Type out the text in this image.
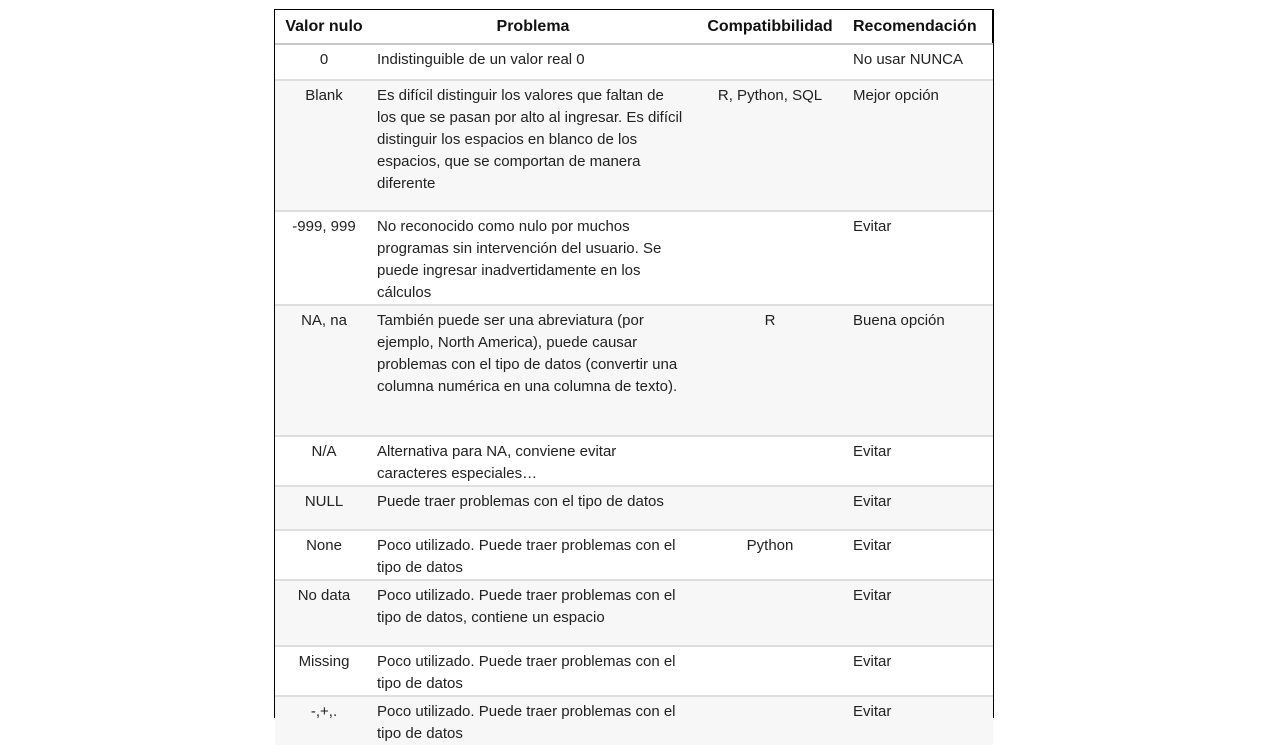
Valor nulo	Problema	Compatibbilidad	Recomendación
0	Indistinguible de un valor real 0		No usar NUNCA
Blank	Es difícil distinguir los valores que faltan de los que se pasan por alto al ingresar. Es difícil distinguir los espacios en blanco de los espacios, que se comportan de manera diferente	R, Python, SQL	Mejor opción
-999, 999	No reconocido como nulo por muchos programas sin intervención del usuario. Se puede ingresar inadvertidamente en los cálculos		Evitar
NA, na	También puede ser una abreviatura (por ejemplo, North America), puede causar problemas con el tipo de datos (convertir una columna numérica en una columna de texto).	R	Buena opción
N/A	Alternativa para NA, conviene evitar caracteres especiales…		Evitar
NULL	Puede traer problemas con el tipo de datos		Evitar
None	Poco utilizado. Puede traer problemas con el tipo de datos	Python	Evitar
No data	Poco utilizado. Puede traer problemas con el tipo de datos, contiene un espacio		Evitar
Missing	Poco utilizado. Puede traer problemas con el tipo de datos		Evitar
-,+,.	Poco utilizado. Puede traer problemas con el tipo de datos		Evitar
